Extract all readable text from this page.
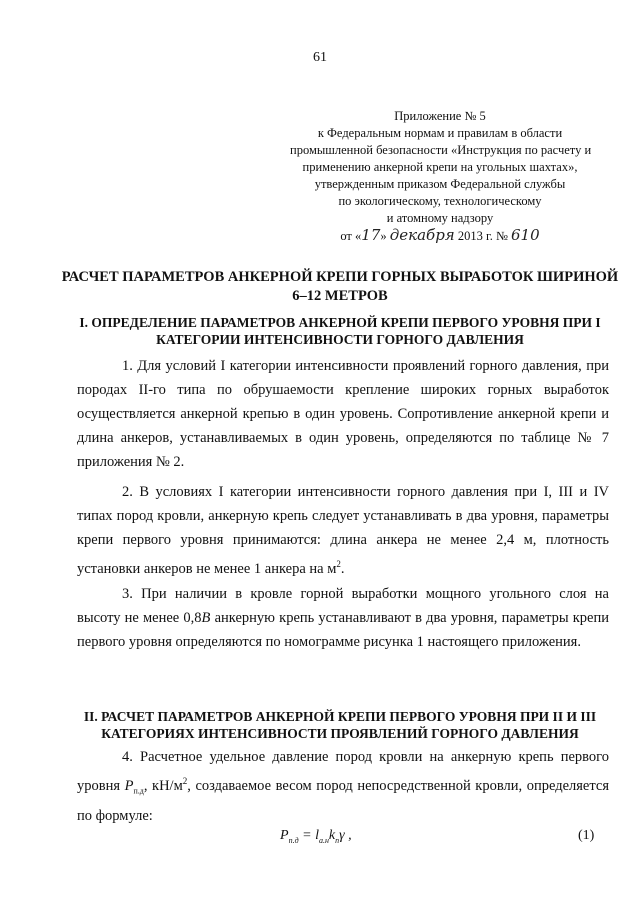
61
Приложение № 5
к Федеральным нормам и правилам в области
промышленной безопасности «Инструкция по расчету и
применению анкерной крепи на угольных шахтах»,
утвержденным приказом Федеральной службы
по экологическому, технологическому
и атомному надзору
от «17» декабря 2013 г. № 610
РАСЧЕТ ПАРАМЕТРОВ АНКЕРНОЙ КРЕПИ ГОРНЫХ ВЫРАБОТОК ШИРИНОЙ 6–12 МЕТРОВ
I. ОПРЕДЕЛЕНИЕ ПАРАМЕТРОВ АНКЕРНОЙ КРЕПИ ПЕРВОГО УРОВНЯ ПРИ I КАТЕГОРИИ ИНТЕНСИВНОСТИ ГОРНОГО ДАВЛЕНИЯ
1. Для условий I категории интенсивности проявлений горного давления, при породах II-го типа по обрушаемости крепление широких горных выработок осуществляется анкерной крепью в один уровень. Сопротивление анкерной крепи и длина анкеров, устанавливаемых в один уровень, определяются по таблице № 7 приложения № 2.
2. В условиях I категории интенсивности горного давления при I, III и IV типах пород кровли, анкерную крепь следует устанавливать в два уровня, параметры крепи первого уровня принимаются: длина анкера не менее 2,4 м, плотность установки анкеров не менее 1 анкера на $м^2$.
3. При наличии в кровле горной выработки мощного угольного слоя на высоту не менее 0,8B анкерную крепь устанавливают в два уровня, параметры крепи первого уровня определяются по номограмме рисунка 1 настоящего приложения.
II. РАСЧЕТ ПАРАМЕТРОВ АНКЕРНОЙ КРЕПИ ПЕРВОГО УРОВНЯ ПРИ II И III КАТЕГОРИЯХ ИНТЕНСИВНОСТИ ПРОЯВЛЕНИЙ ГОРНОГО ДАВЛЕНИЯ
4. Расчетное удельное давление пород кровли на анкерную крепь первого уровня $P_{п.д}$, $кН/м^2$, создаваемое весом пород непосредственной кровли, определяется по формуле:
$P_{п.д} = l_{а.н}k_п\gamma$ ,	(1)
